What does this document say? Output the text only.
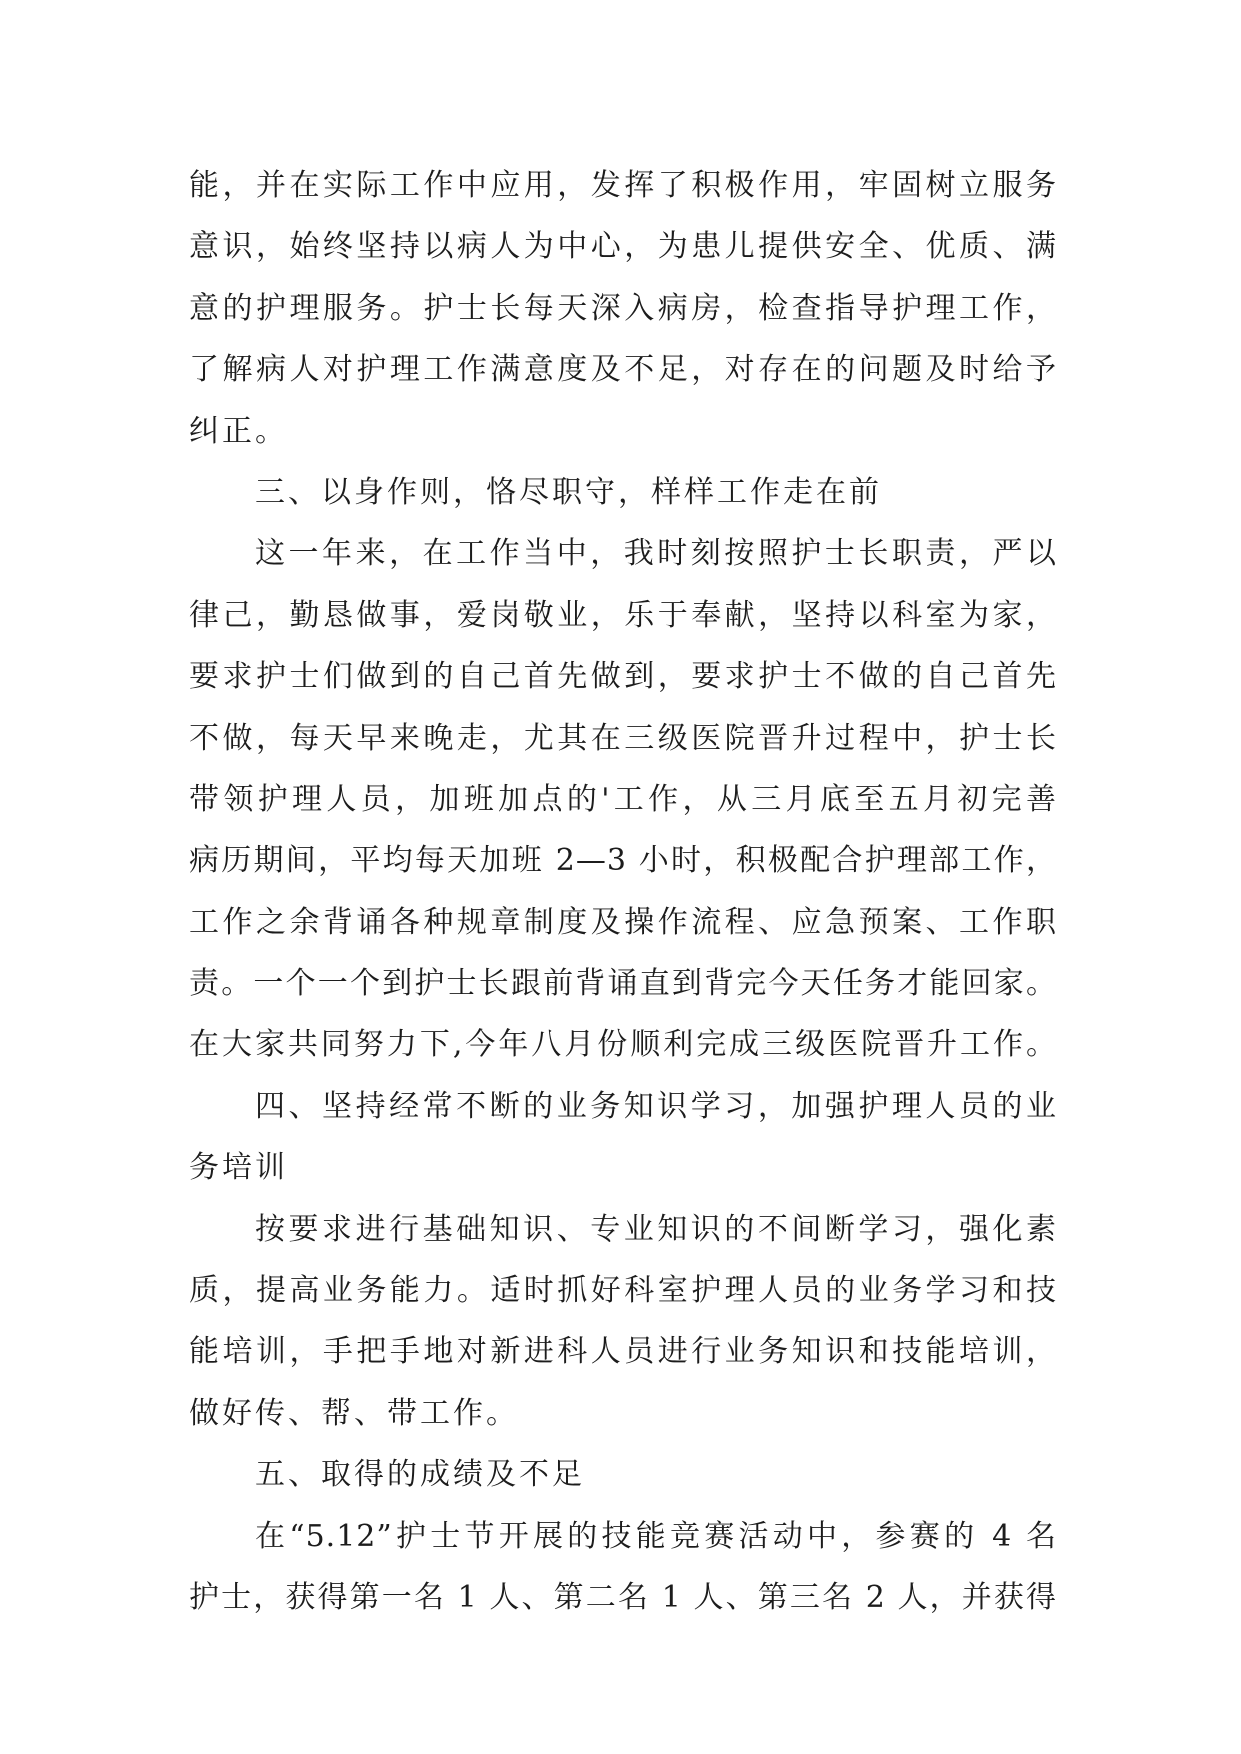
能，并在实际工作中应用，发挥了积极作用，牢固树立服务
意识，始终坚持以病人为中心，为患儿提供安全、优质、满
意的护理服务。护士长每天深入病房，检查指导护理工作，
了解病人对护理工作满意度及不足，对存在的问题及时给予
纠正。
三、以身作则，恪尽职守，样样工作走在前
这一年来，在工作当中，我时刻按照护士长职责，严以
律己，勤恳做事，爱岗敬业，乐于奉献，坚持以科室为家，
要求护士们做到的自己首先做到，要求护士不做的自己首先
不做，每天早来晚走，尤其在三级医院晋升过程中，护士长
带领护理人员，加班加点的'工作，从三月底至五月初完善
病历期间，平均每天加班 2—3 小时，积极配合护理部工作，
工作之余背诵各种规章制度及操作流程、应急预案、工作职
责。一个一个到护士长跟前背诵直到背完今天任务才能回家。
在大家共同努力下,今年八月份顺利完成三级医院晋升工作。
四、坚持经常不断的业务知识学习，加强护理人员的业
务培训
按要求进行基础知识、专业知识的不间断学习，强化素
质，提高业务能力。适时抓好科室护理人员的业务学习和技
能培训，手把手地对新进科人员进行业务知识和技能培训，
做好传、帮、带工作。
五、取得的成绩及不足
在“5.12”护士节开展的技能竞赛活动中，参赛的 4 名
护士，获得第一名 1 人、第二名 1 人、第三名 2 人，并获得
